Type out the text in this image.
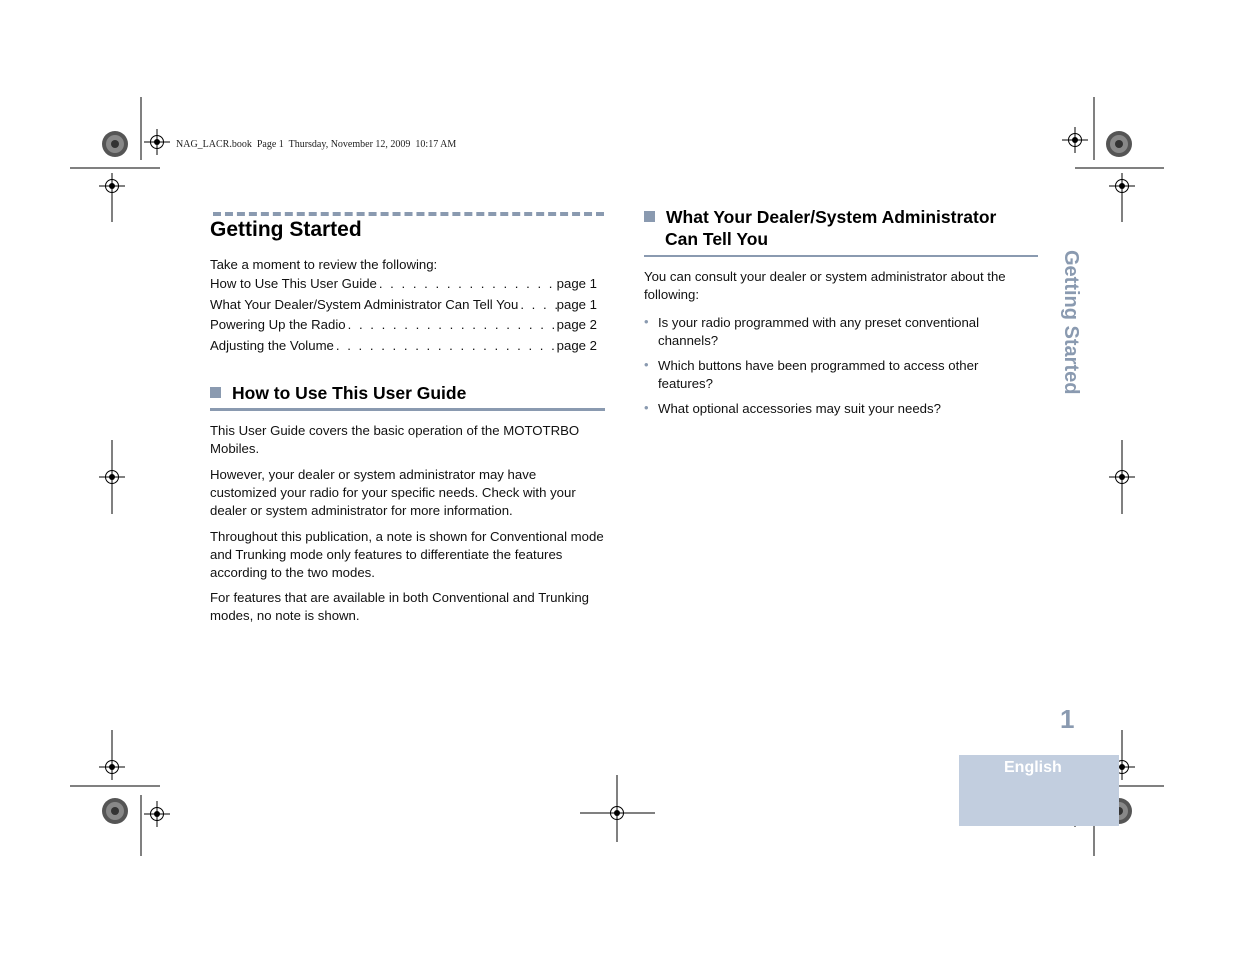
NAG_LACR.book  Page 1  Thursday, November 12, 2009  10:17 AM
Getting Started
Take a moment to review the following:
How to Use This User Guide . . .	page 1
What Your Dealer/System Administrator Can Tell You . . .	page 1
Powering Up the Radio . . .	page 2
Adjusting the Volume . . .	page 2
How to Use This User Guide
This User Guide covers the basic operation of the MOTOTRBO Mobiles.
However, your dealer or system administrator may have customized your radio for your specific needs. Check with your dealer or system administrator for more information.
Throughout this publication, a note is shown for Conventional mode and Trunking mode only features to differentiate the features according to the two modes.
For features that are available in both Conventional and Trunking modes, no note is shown.
What Your Dealer/System Administrator
Can Tell You
You can consult your dealer or system administrator about the following:
• Is your radio programmed with any preset conventional channels?
• Which buttons have been programmed to access other features?
• What optional accessories may suit your needs?
Getting Started
1
English
